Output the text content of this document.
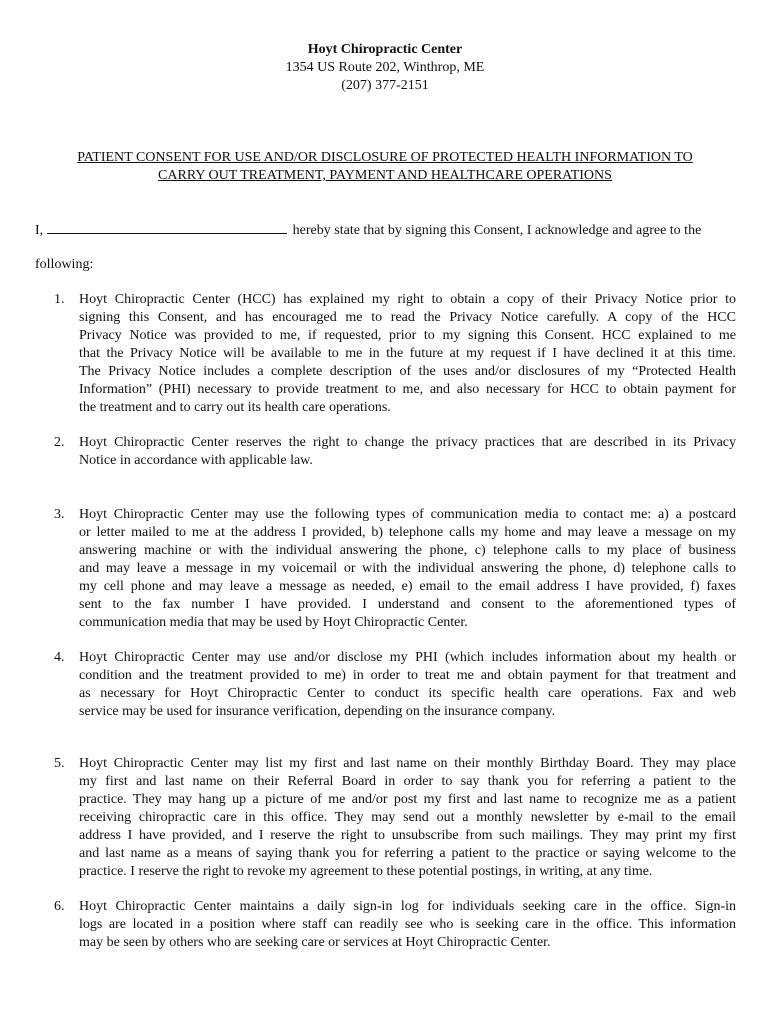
Hoyt Chiropractic Center
1354 US Route 202, Winthrop, ME
(207) 377-2151
PATIENT CONSENT FOR USE AND/OR DISCLOSURE OF PROTECTED HEALTH INFORMATION TO
CARRY OUT TREATMENT, PAYMENT AND HEALTHCARE OPERATIONS
I,	hereby state that by signing this Consent, I acknowledge and agree to the
following:
1.	Hoyt Chiropractic Center (HCC) has explained my right to obtain a copy of their Privacy Notice prior to
signing this Consent, and has encouraged me to read the Privacy Notice carefully. A copy of the HCC
Privacy Notice was provided to me, if requested, prior to my signing this Consent. HCC explained to me
that the Privacy Notice will be available to me in the future at my request if I have declined it at this time.
The Privacy Notice includes a complete description of the uses and/or disclosures of my “Protected Health
Information” (PHI) necessary to provide treatment to me, and also necessary for HCC to obtain payment for
the treatment and to carry out its health care operations.
2.	Hoyt Chiropractic Center reserves the right to change the privacy practices that are described in its Privacy
Notice in accordance with applicable law.
3.	Hoyt Chiropractic Center may use the following types of communication media to contact me: a) a postcard
or letter mailed to me at the address I provided, b) telephone calls my home and may leave a message on my
answering machine or with the individual answering the phone, c) telephone calls to my place of business
and may leave a message in my voicemail or with the individual answering the phone, d) telephone calls to
my cell phone and may leave a message as needed, e) email to the email address I have provided, f) faxes
sent to the fax number I have provided. I understand and consent to the aforementioned types of
communication media that may be used by Hoyt Chiropractic Center.
4.	Hoyt Chiropractic Center may use and/or disclose my PHI (which includes information about my health or
condition and the treatment provided to me) in order to treat me and obtain payment for that treatment and
as necessary for Hoyt Chiropractic Center to conduct its specific health care operations. Fax and web
service may be used for insurance verification, depending on the insurance company.
5.	Hoyt Chiropractic Center may list my first and last name on their monthly Birthday Board. They may place
my first and last name on their Referral Board in order to say thank you for referring a patient to the
practice. They may hang up a picture of me and/or post my first and last name to recognize me as a patient
receiving chiropractic care in this office. They may send out a monthly newsletter by e-mail to the email
address I have provided, and I reserve the right to unsubscribe from such mailings. They may print my first
and last name as a means of saying thank you for referring a patient to the practice or saying welcome to the
practice. I reserve the right to revoke my agreement to these potential postings, in writing, at any time.
6.	Hoyt Chiropractic Center maintains a daily sign-in log for individuals seeking care in the office. Sign-in
logs are located in a position where staff can readily see who is seeking care in the office. This information
may be seen by others who are seeking care or services at Hoyt Chiropractic Center.
